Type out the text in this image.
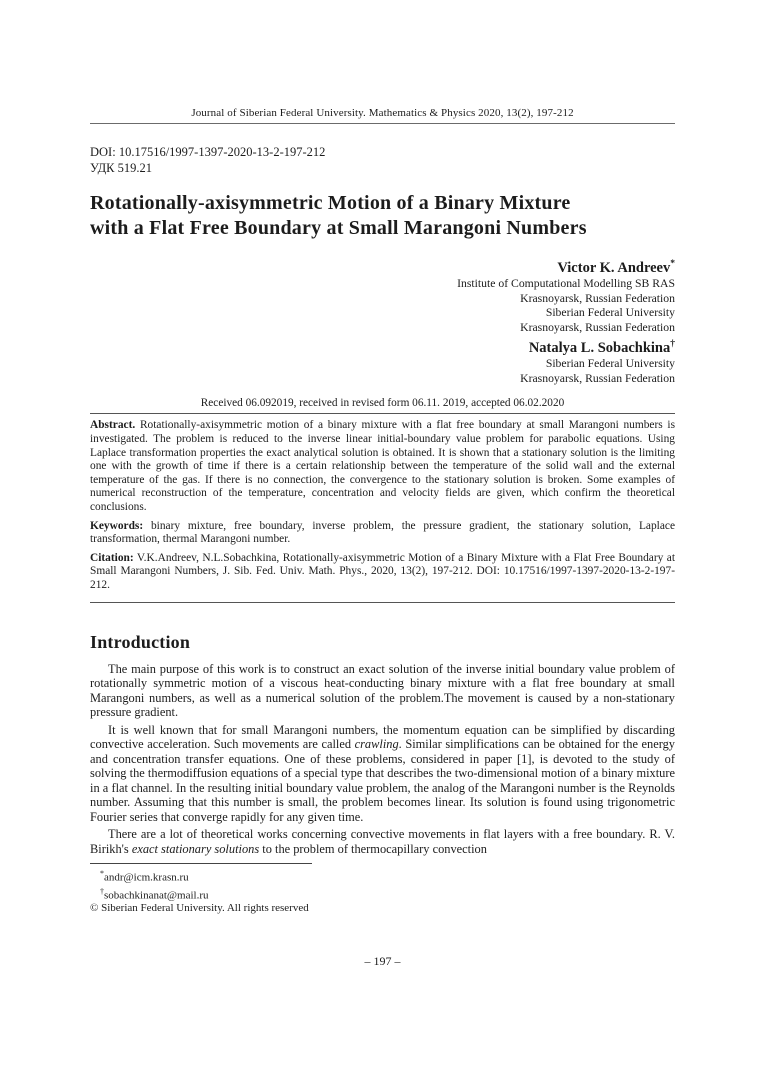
Journal of Siberian Federal University. Mathematics & Physics 2020, 13(2), 197-212
DOI: 10.17516/1997-1397-2020-13-2-197-212
УДК 519.21
Rotationally-axisymmetric Motion of a Binary Mixture
with a Flat Free Boundary at Small Marangoni Numbers
Victor K. Andreev*
Institute of Computational Modelling SB RAS
Krasnoyarsk, Russian Federation
Siberian Federal University
Krasnoyarsk, Russian Federation
Natalya L. Sobachkina†
Siberian Federal University
Krasnoyarsk, Russian Federation
Received 06.092019, received in revised form 06.11. 2019, accepted 06.02.2020

Abstract. Rotationally-axisymmetric motion of a binary mixture with a flat free boundary at small Marangoni numbers is investigated. The problem is reduced to the inverse linear initial-boundary value problem for parabolic equations. Using Laplace transformation properties the exact analytical solution is obtained. It is shown that a stationary solution is the limiting one with the growth of time if there is a certain relationship between the temperature of the solid wall and the external temperature of the gas. If there is no connection, the convergence to the stationary solution is broken. Some examples of numerical reconstruction of the temperature, concentration and velocity fields are given, which confirm the theoretical conclusions.

Keywords: binary mixture, free boundary, inverse problem, the pressure gradient, the stationary solution, Laplace transformation, thermal Marangoni number.

Citation: V.K.Andreev, N.L.Sobachkina, Rotationally-axisymmetric Motion of a Binary Mixture with a Flat Free Boundary at Small Marangoni Numbers, J. Sib. Fed. Univ. Math. Phys., 2020, 13(2), 197-212. DOI: 10.17516/1997-1397-2020-13-2-197-212.

Introduction

The main purpose of this work is to construct an exact solution of the inverse initial boundary value problem of rotationally symmetric motion of a viscous heat-conducting binary mixture with a flat free boundary at small Marangoni numbers, as well as a numerical solution of the problem.The movement is caused by a non-stationary pressure gradient.

It is well known that for small Marangoni numbers, the momentum equation can be simplified by discarding convective acceleration. Such movements are called crawling. Similar simplifications can be obtained for the energy and concentration transfer equations. One of these problems, considered in paper [1], is devoted to the study of solving the thermodiffusion equations of a special type that describes the two-dimensional motion of a binary mixture in a flat channel. In the resulting initial boundary value problem, the analog of the Marangoni number is the Reynolds number. Assuming that this number is small, the problem becomes linear. Its solution is found using trigonometric Fourier series that converge rapidly for any given time.

There are a lot of theoretical works concerning convective movements in flat layers with a free boundary. R. V. Birikh's exact stationary solutions to the problem of thermocapillary convection

*andr@icm.krasn.ru
†sobachkinanat@mail.ru
© Siberian Federal University. All rights reserved
– 197 –
